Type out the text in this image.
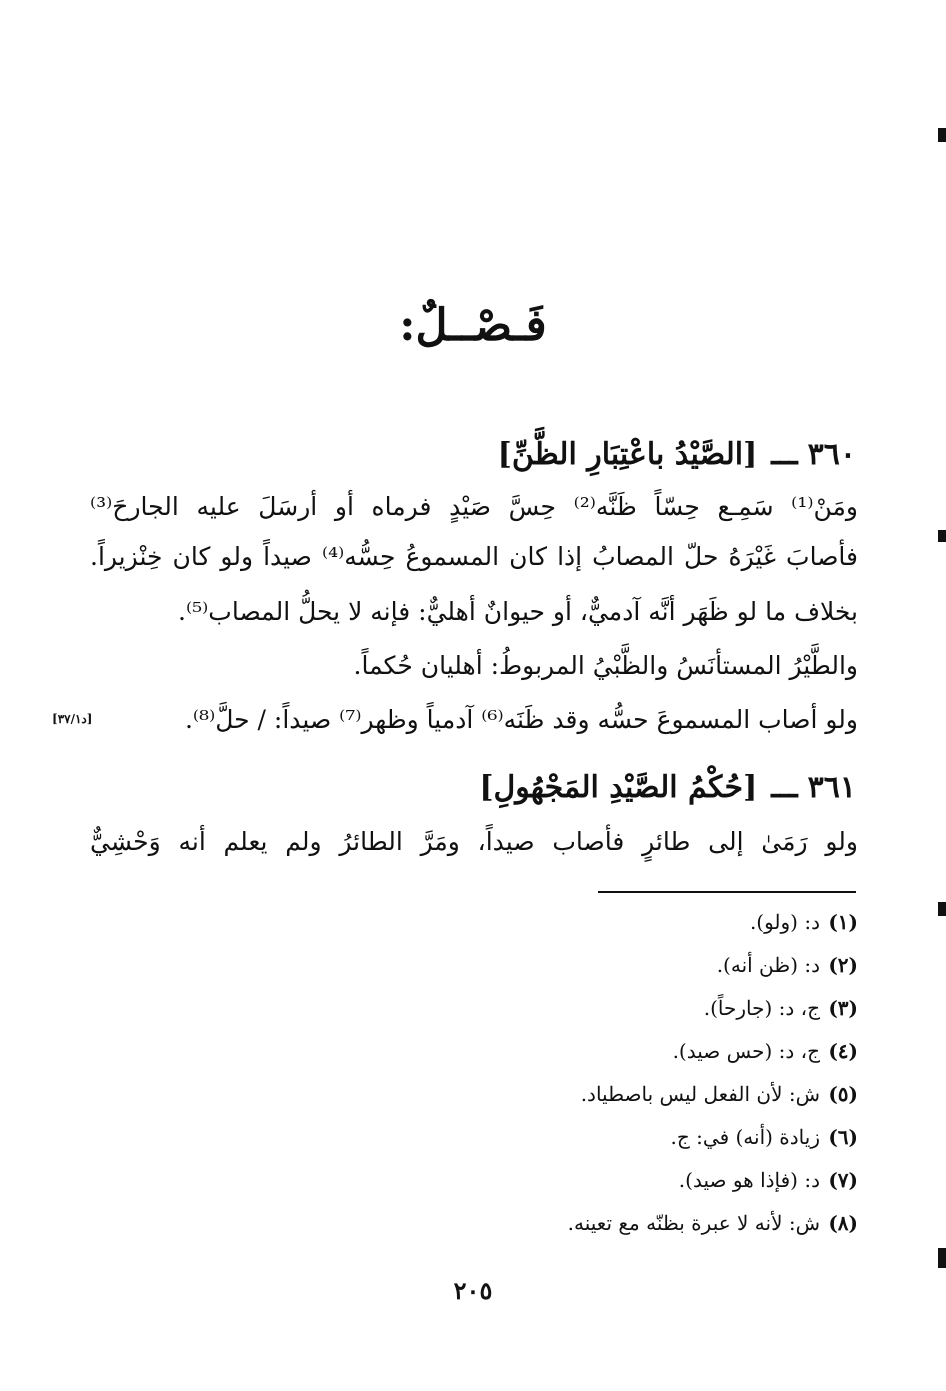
فَـصْــلٌ:
٣٦٠ـــ[الصَّيْدُ باعْتِبَارِ الظَّنِّ]
ومَنْ⁽¹⁾ سَمِـع حِسّاً ظَنَّه⁽²⁾ حِسَّ صَيْدٍ فرماه أو أرسَلَ عليه الجارحَ⁽³⁾
فأصابَ غَيْرَهُ حلّ المصابُ إذا كان المسموعُ حِسُّه⁽⁴⁾ صيداً ولو كان خِنْزيراً.
بخلاف ما لو ظَهَر أنَّه آدميٌّ، أو حيوانٌ أهليٌّ: فإنه لا يحلُّ المصاب⁽⁵⁾.
والطَّيْرُ المستأنَسُ والظَّبْيُ المربوطُ: أهليان حُكماً.
ولو أصاب المسموعَ حسُّه وقد ظَنَه⁽⁶⁾ آدمياً وظهر⁽⁷⁾ صيداً: / حلَّ⁽⁸⁾.
[د٣٧/١]
٣٦١ـــ[حُكْمُ الصَّيْدِ المَجْهُولِ]
ولو رَمَىٰ إلى طائرٍ فأصاب صيداً، ومَرَّ الطائرُ ولم يعلم أنه وَحْشِيٌّ
(١)د: (ولو).
(٢)د: (ظن أنه).
(٣)ج، د: (جارحاً).
(٤)ج، د: (حس صيد).
(٥)ش: لأن الفعل ليس باصطياد.
(٦)زيادة (أنه) في: ج.
(٧)د: (فإذا هو صيد).
(٨)ش: لأنه لا عبرة بظنّه مع تعينه.
٢٠٥
